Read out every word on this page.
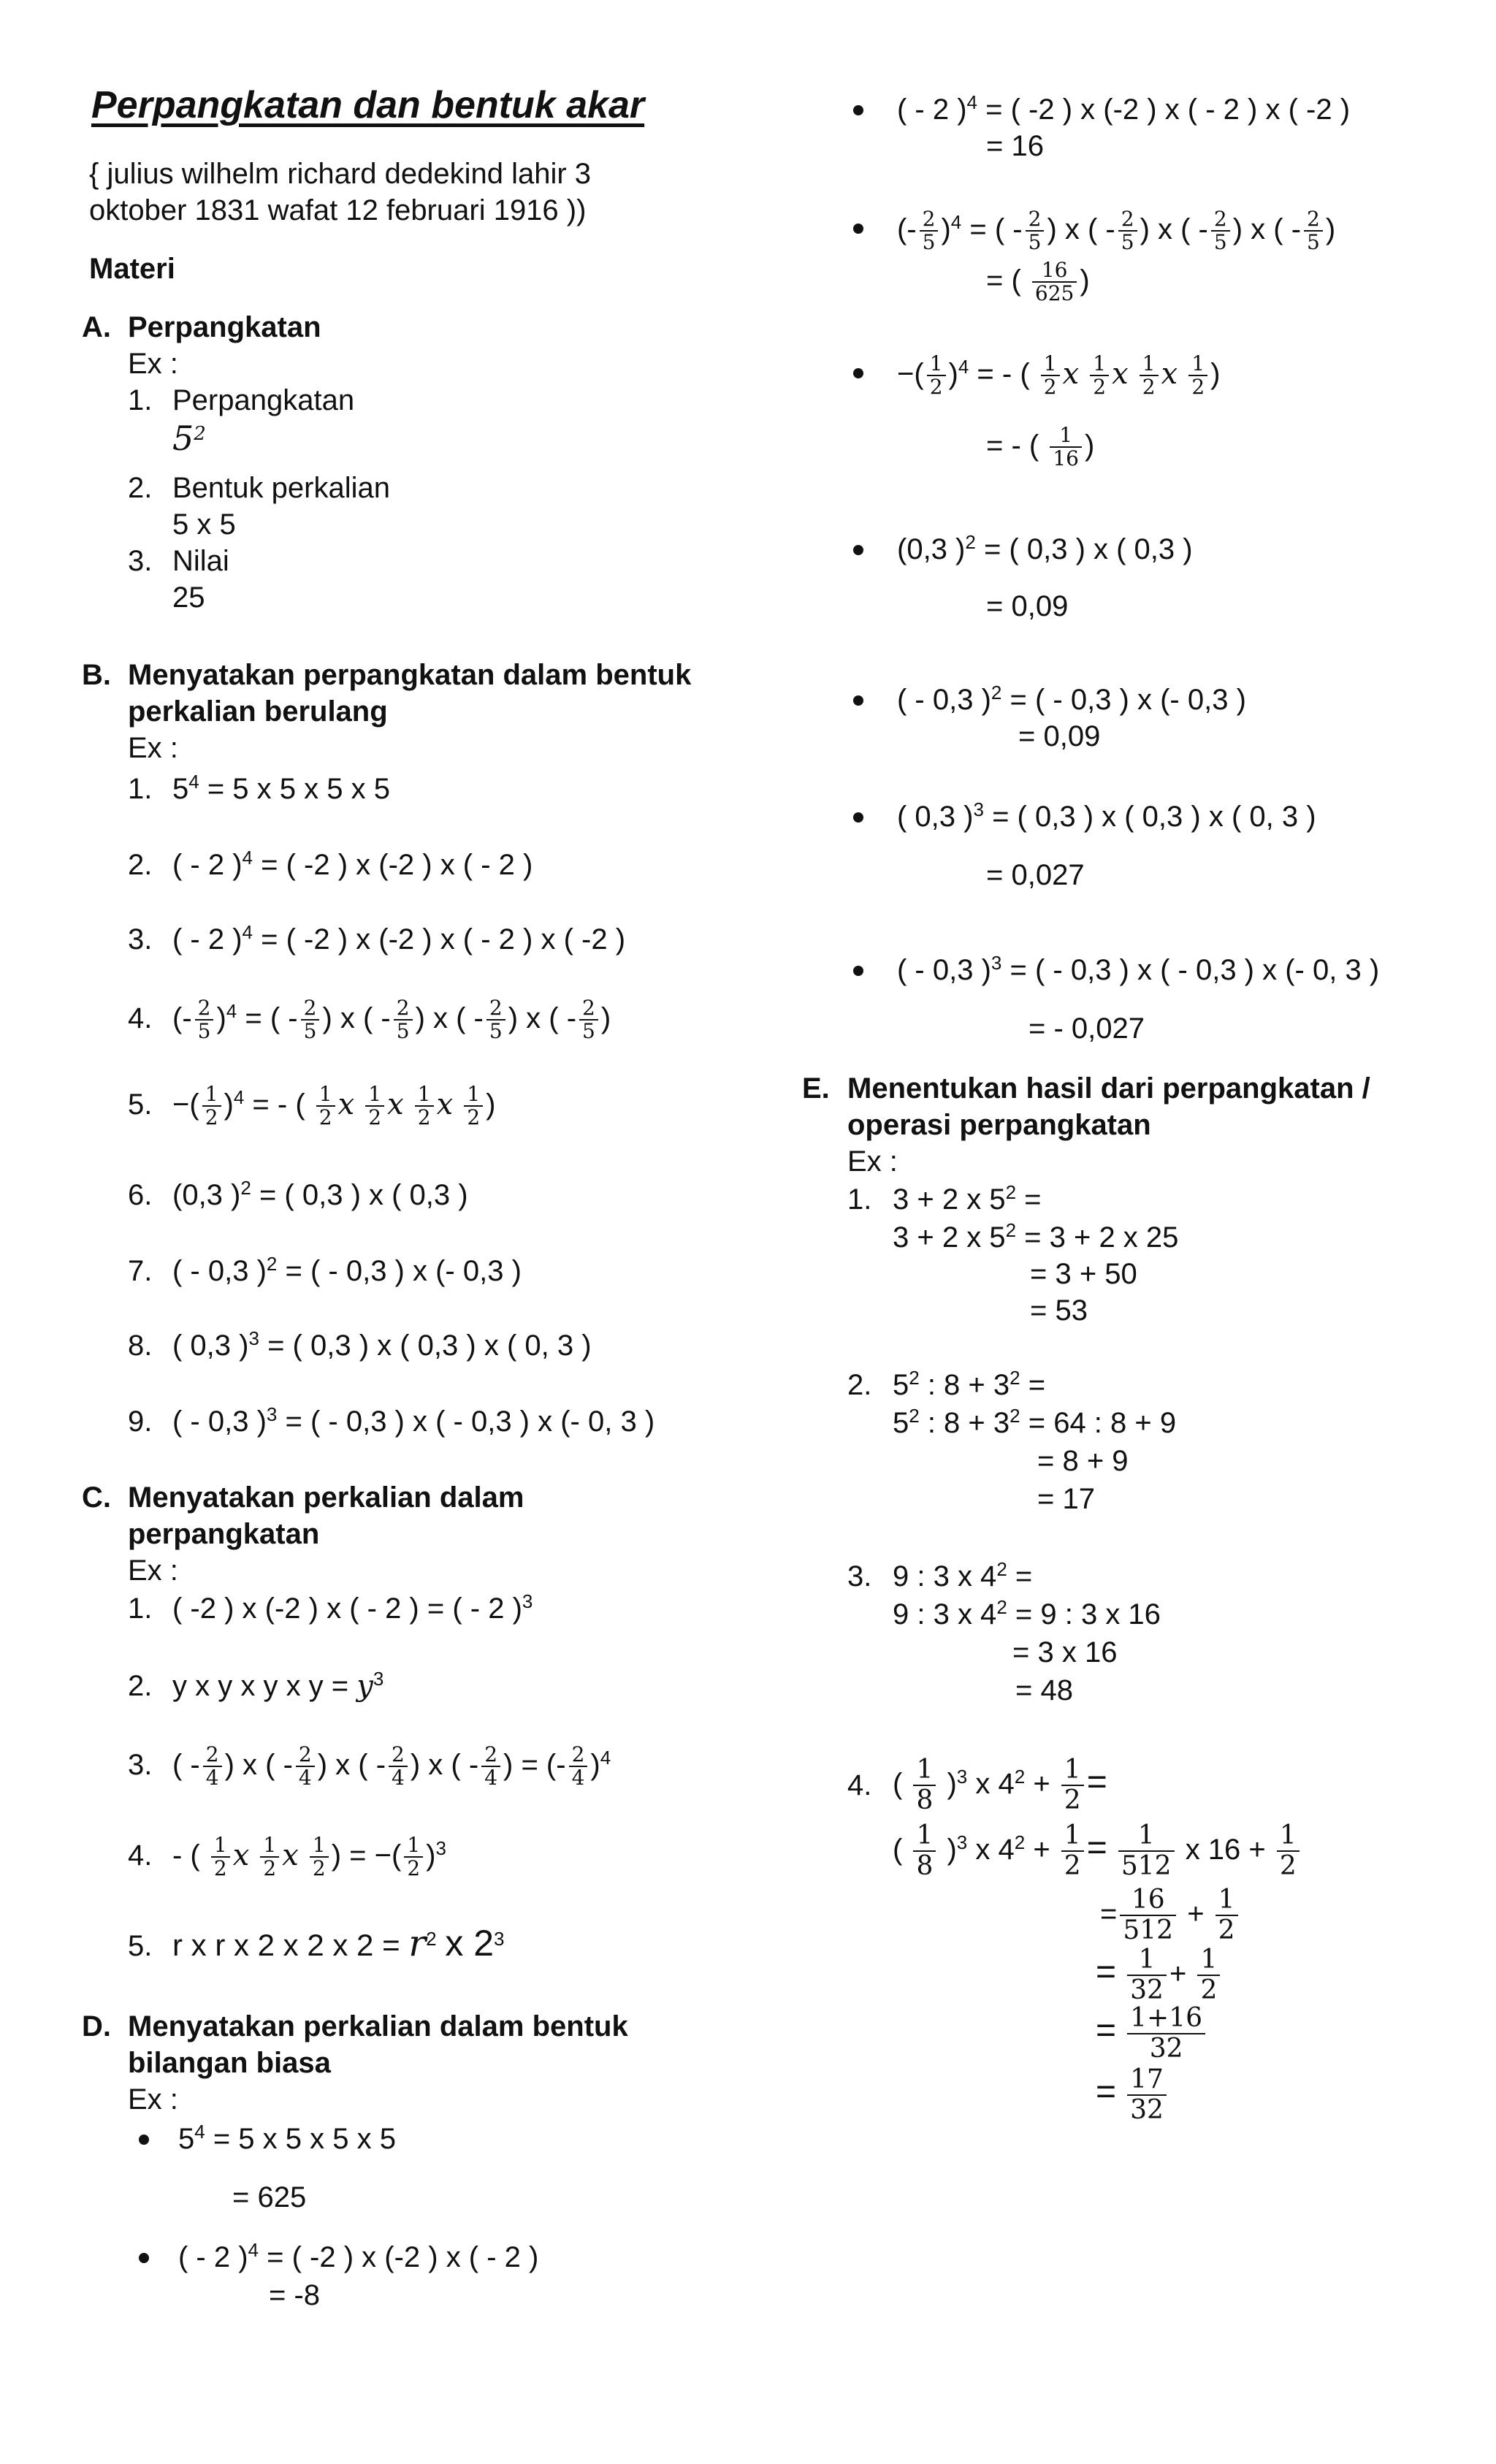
Perpangkatan dan bentuk akar
{ julius wilhelm richard dedekind lahir 3
oktober 1831 wafat 12 februari 1916 ))
Materi
A. Perpangkatan
Ex :
1. Perpangkatan
$5^2$
2. Bentuk perkalian
5 x 5
3. Nilai
25
B. Menyatakan perpangkatan dalam bentuk
perkalian berulang
Ex :
1. $5^4 = 5$ x 5 x 5 x 5
2. ( - 2 )$^4$ = ( -2 ) x (-2 ) x ( - 2 )
3. ( - 2 )$^4$ = ( -2 ) x (-2 ) x ( - 2 ) x ( -2 )
4. (- $\frac{2}{5} )^4$ = ( - $\frac{2}{5}$ ) x ( - $\frac{2}{5}$ ) x ( - $\frac{2}{5}$ ) x ( - $\frac{2}{5}$ )
5. −( $\frac{1}{2} )^4$ = - ( $\frac{1}{2}$ x $\frac{1}{2}$ x $\frac{1}{2}$ x $\frac{1}{2}$ )
6. (0,3 )$^2$ = ( 0,3 ) x ( 0,3 )
7. ( - 0,3 )$^2$ = ( - 0,3 ) x (- 0,3 )
8. ( 0,3 )$^3$ = ( 0,3 ) x ( 0,3 ) x ( 0, 3 )
9. ( - 0,3 )$^3$ = ( - 0,3 ) x ( - 0,3 ) x (- 0, 3 )
C. Menyatakan perkalian dalam
perpangkatan
Ex :
1. ( -2 ) x (-2 ) x ( - 2 ) = ( - 2 )$^3$
2. y x y x y x $y = y^3$
3. ( - $\frac{2}{4}$ ) x ( - $\frac{2}{4}$ ) x ( - $\frac{2}{4}$ ) x ( - $\frac{2}{4}$ ) = (- $\frac{2}{4} )^4$
4. - ( $\frac{1}{2}$ x $\frac{1}{2}$ x $\frac{1}{2}$ ) = −( $\frac{1}{2} )^3$
5. r x r x 2 x 2 x $2 = r^2$ x $2^3$
D. Menyatakan perkalian dalam bentuk
bilangan biasa
Ex :
$5^4 = 5$ x 5 x 5 x 5
= 625
( - 2 )$^4$ = ( -2 ) x (-2 ) x ( - 2 )
= -8
( - 2 )$^4$ = ( -2 ) x (-2 ) x ( - 2 ) x ( -2 )
= 16
(- $\frac{2}{5} )^4$ = ( - $\frac{2}{5}$ ) x ( - $\frac{2}{5}$ ) x ( - $\frac{2}{5}$ ) x ( - $\frac{2}{5}$ )
= ( $\frac{16}{625}$ )
−( $\frac{1}{2} )^4$ = - ( $\frac{1}{2}$ x $\frac{1}{2}$ x $\frac{1}{2}$ x $\frac{1}{2}$ )
= - ( $\frac{1}{16}$ )
(0,3 )$^2$ = ( 0,3 ) x ( 0,3 )
= 0,09
( - 0,3 )$^2$ = ( - 0,3 ) x (- 0,3 )
= 0,09
( 0,3 )$^3$ = ( 0,3 ) x ( 0,3 ) x ( 0, 3 )
= 0,027
( - 0,3 )$^3$ = ( - 0,3 ) x ( - 0,3 ) x (- 0, 3 )
= - 0,027
E. Menentukan hasil dari perpangkatan /
operasi perpangkatan
Ex :
1. 3 + 2 x $5^2$ =
3 + 2 x $5^2 = 3 + 2$ x 25
= 3 + 50
= 53
2. $5^2$ : $8 + 3^2$ =
$5^2$ : $8 + 3^2 = 64$ : 8 + 9
= 8 + 9
= 17
3. 9 : 3 x $4^2$ =
9 : 3 x $4^2 = 9$ : 3 x 16
= 3 x 16
= 48
4. ( $\frac{1}{8} )^3$ x $4^2 + \frac{1}{2}$ =
( $\frac{1}{8} )^3$ x $4^2 + \frac{1}{2} = \frac{1}{512}$ x $16 + \frac{1}{2}$
= $\frac{16}{512} + \frac{1}{2}$
= $\frac{1}{32} + \frac{1}{2}$
= $\frac{1+16}{32}$
= $\frac{17}{32}$
